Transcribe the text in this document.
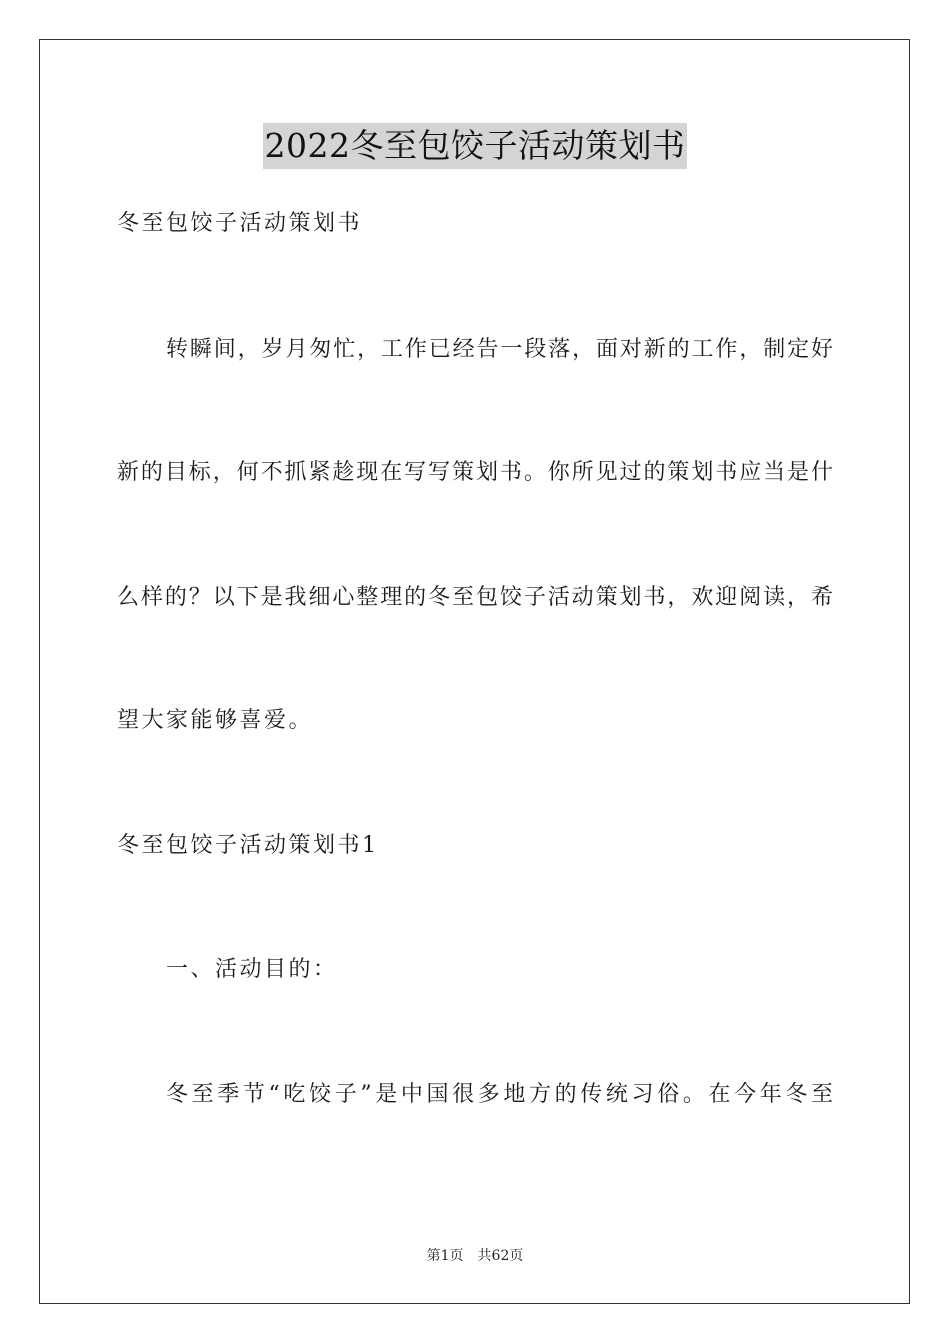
2022冬至包饺子活动策划书
冬至包饺子活动策划书
转瞬间，岁月匆忙，工作已经告一段落，面对新的工作，制定好
新的目标，何不抓紧趁现在写写策划书。你所见过的策划书应当是什
么样的？以下是我细心整理的冬至包饺子活动策划书，欢迎阅读，希
望大家能够喜爱。
冬至包饺子活动策划书1
一、活动目的：
冬至季节“吃饺子”是中国很多地方的传统习俗。在今年冬至
第1页　共62页
